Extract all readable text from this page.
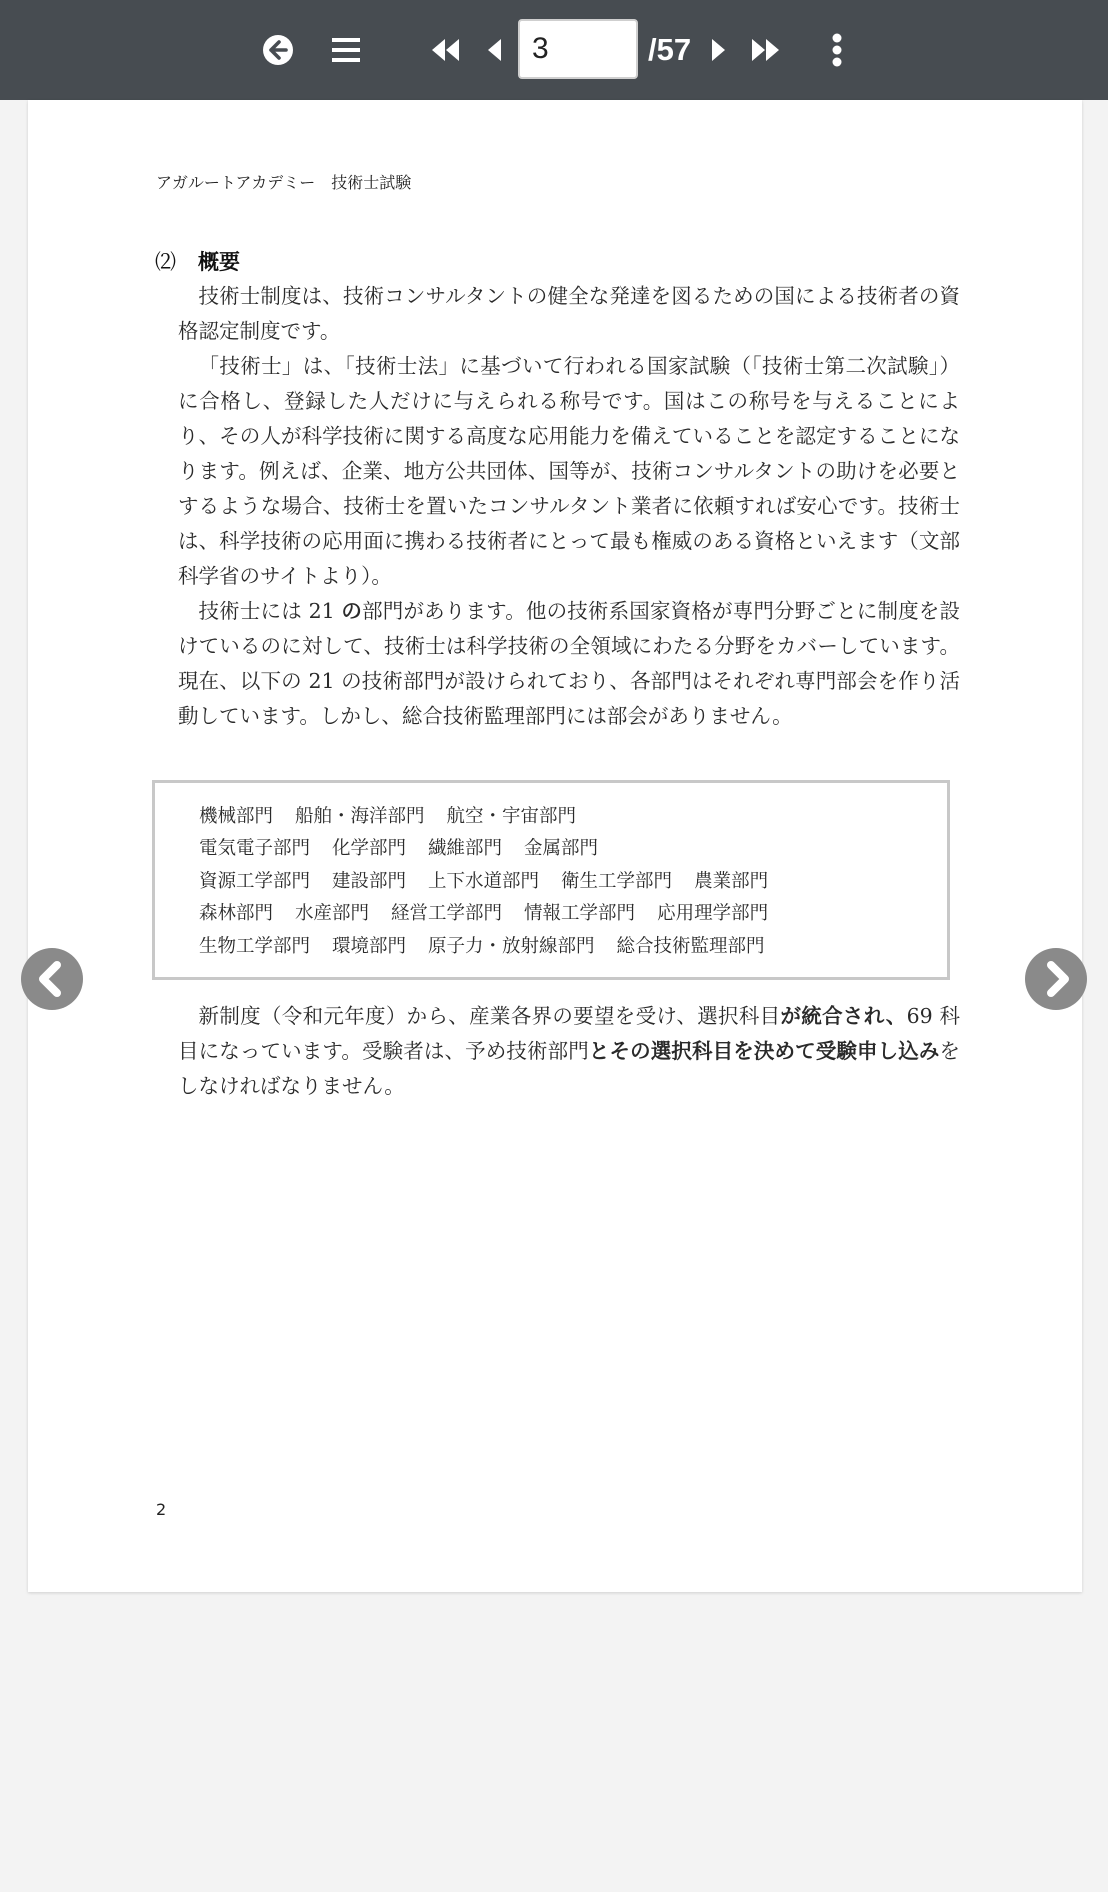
3
/57
アガルートアカデミー　技術士試験
⑵ 概要
技術士制度は、技術コンサルタントの健全な発達を図るための国による技術者の資格認定制度です。
「技術士」は、「技術士法」に基づいて行われる国家試験（「技術士第二次試験」）に合格し、登録した人だけに与えられる称号です。国はこの称号を与えることにより、その人が科学技術に関する高度な応用能力を備えていることを認定することになります。例えば、企業、地方公共団体、国等が、技術コンサルタントの助けを必要とするような場合、技術士を置いたコンサルタント業者に依頼すれば安心です。技術士は、科学技術の応用面に携わる技術者にとって最も権威のある資格といえます（文部科学省のサイトより）。
技術士には 21 の部門があります。他の技術系国家資格が専門分野ごとに制度を設けているのに対して、技術士は科学技術の全領域にわたる分野をカバーしています。現在、以下の 21 の技術部門が設けられており、各部門はそれぞれ専門部会を作り活動しています。しかし、総合技術監理部門には部会がありません。
機械部門 船舶・海洋部門 航空・宇宙部門
電気電子部門 化学部門 繊維部門 金属部門
資源工学部門 建設部門 上下水道部門 衛生工学部門 農業部門
森林部門 水産部門 経営工学部門 情報工学部門 応用理学部門
生物工学部門 環境部門 原子力・放射線部門 総合技術監理部門
新制度（令和元年度）から、産業各界の要望を受け、選択科目が統合され、69 科目になっています。受験者は、予め技術部門とその選択科目を決めて受験申し込みをしなければなりません。
2
